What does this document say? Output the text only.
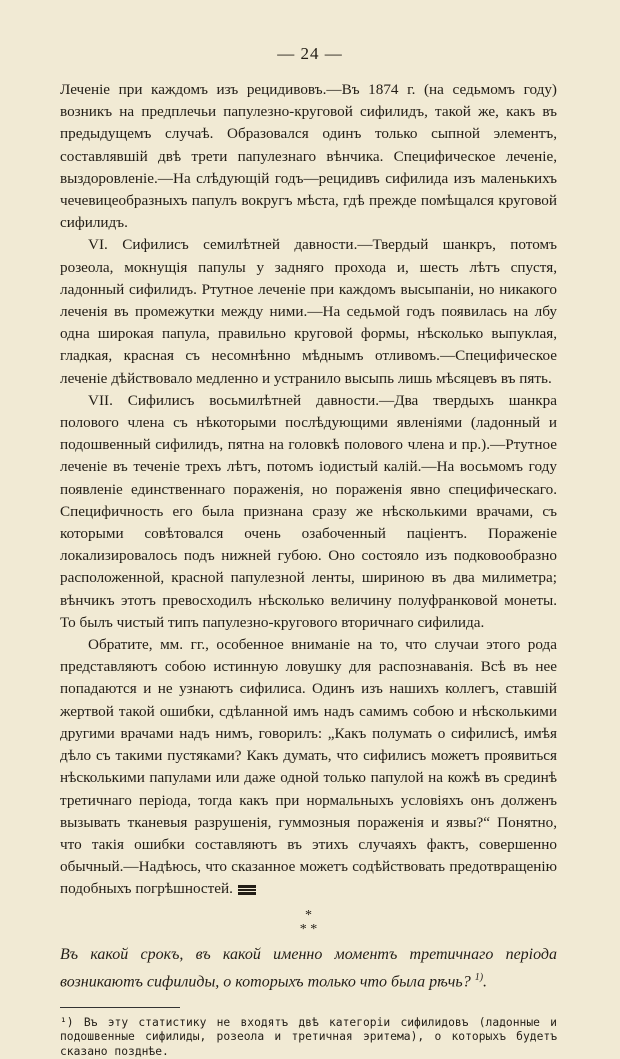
— 24 —

Леченіе при каждомъ изъ рецидивовъ.—Въ 1874 г. (на седьмомъ году) возникъ на предплечьи папулезно-круговой сифилидъ, такой же, какъ въ предыдущемъ случаѣ. Образовался одинъ только сыпной элементъ, составлявшій двѣ трети папулезнаго вѣнчика. Специфическое леченіе, выздоровленіе.—На слѣдующій годъ—рецидивъ сифилида изъ маленькихъ чечевицеобразныхъ папулъ вокругъ мѣста, гдѣ прежде помѣщался круговой сифилидъ.

VI. Сифилисъ семилѣтней давности.—Твердый шанкръ, потомъ розеола, мокнущія папулы у задняго прохода и, шесть лѣтъ спустя, ладонный сифилидъ. Ртутное леченіе при каждомъ высыпаніи, но никакого леченія въ промежутки между ними.—На седьмой годъ появилась на лбу одна широкая папула, правильно круговой формы, нѣсколько выпуклая, гладкая, красная съ несомнѣнно мѣднымъ отливомъ.—Специфическое леченіе дѣйствовало медленно и устранило высыпь лишь мѣсяцевъ въ пять.

VII. Сифилисъ восьмилѣтней давности.—Два твердыхъ шанкра полового члена съ нѣкоторыми послѣдующими явленіями (ладонный и подошвенный сифилидъ, пятна на головкѣ полового члена и пр.).—Ртутное леченіе въ теченіе трехъ лѣтъ, потомъ іодистый калій.—На восьмомъ году появленіе единственнаго пораженія, но пораженія явно специфическаго. Специфичность его была признана сразу же нѣсколькими врачами, съ которыми совѣтовался очень озабоченный паціентъ. Пораженіе локализировалось подъ нижней губою. Оно состояло изъ подковообразно расположенной, красной папулезной ленты, шириною въ два милиметра; вѣнчикъ этотъ превосходилъ нѣсколько величину полуфранковой монеты. То былъ чистый типъ папулезно-кругового вторичнаго сифилида.

Обратите, мм. гг., особенное вниманіе на то, что случаи этого рода представляютъ собою истинную ловушку для распознаванія. Всѣ въ нее попадаются и не узнаютъ сифилиса. Одинъ изъ нашихъ коллегъ, ставшій жертвой такой ошибки, сдѣланной имъ надъ самимъ собою и нѣсколькими другими врачами надъ нимъ, говорилъ: „Какъ полумать о сифилисѣ, имѣя дѣло съ такими пустяками? Какъ думать, что сифилисъ можетъ проявиться нѣсколькими папулами или даже одной только папулой на кожѣ въ срединѣ третичнаго періода, тогда какъ при нормальныхъ условіяхъ онъ долженъ вызывать тканевыя разрушенія, гуммозныя пораженія и язвы?“ Понятно, что такія ошибки составляютъ въ этихъ случаяхъ фактъ, совершенно обычный.—Надѣюсь, что сказанное можетъ содѣйствовать предотвращенію подобныхъ погрѣшностей.

*
* *

Въ какой срокъ, въ какой именно моментъ третичнаго періода возникаютъ сифилиды, о которыхъ только что была рѣчь? $^{1)}$.

¹) Въ эту статистику не входятъ двѣ категоріи сифилидовъ (ладонные и подошвенные сифилиды, розеола и третичная эритема), о которыхъ будетъ сказано позднѣе.
